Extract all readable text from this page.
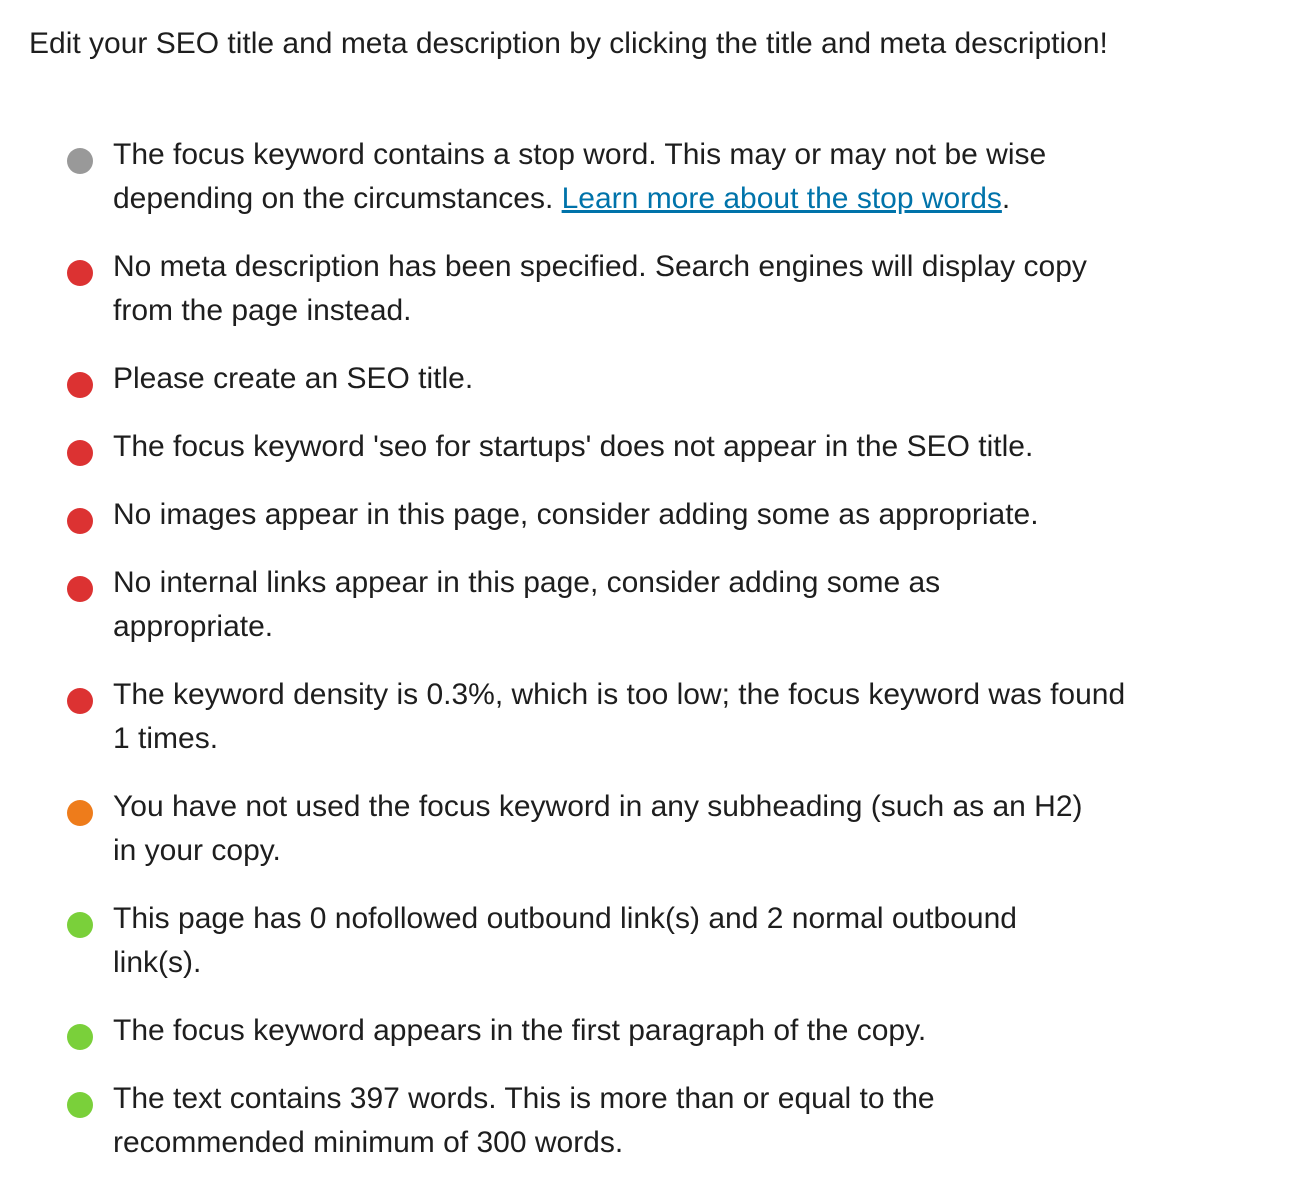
Edit your SEO title and meta description by clicking the title and meta description!

The focus keyword contains a stop word. This may or may not be wise depending on the circumstances. Learn more about the stop words.

No meta description has been specified. Search engines will display copy from the page instead.

Please create an SEO title.

The focus keyword 'seo for startups' does not appear in the SEO title.

No images appear in this page, consider adding some as appropriate.

No internal links appear in this page, consider adding some as appropriate.

The keyword density is 0.3%, which is too low; the focus keyword was found 1 times.

You have not used the focus keyword in any subheading (such as an H2) in your copy.

This page has 0 nofollowed outbound link(s) and 2 normal outbound link(s).

The focus keyword appears in the first paragraph of the copy.

The text contains 397 words. This is more than or equal to the recommended minimum of 300 words.
